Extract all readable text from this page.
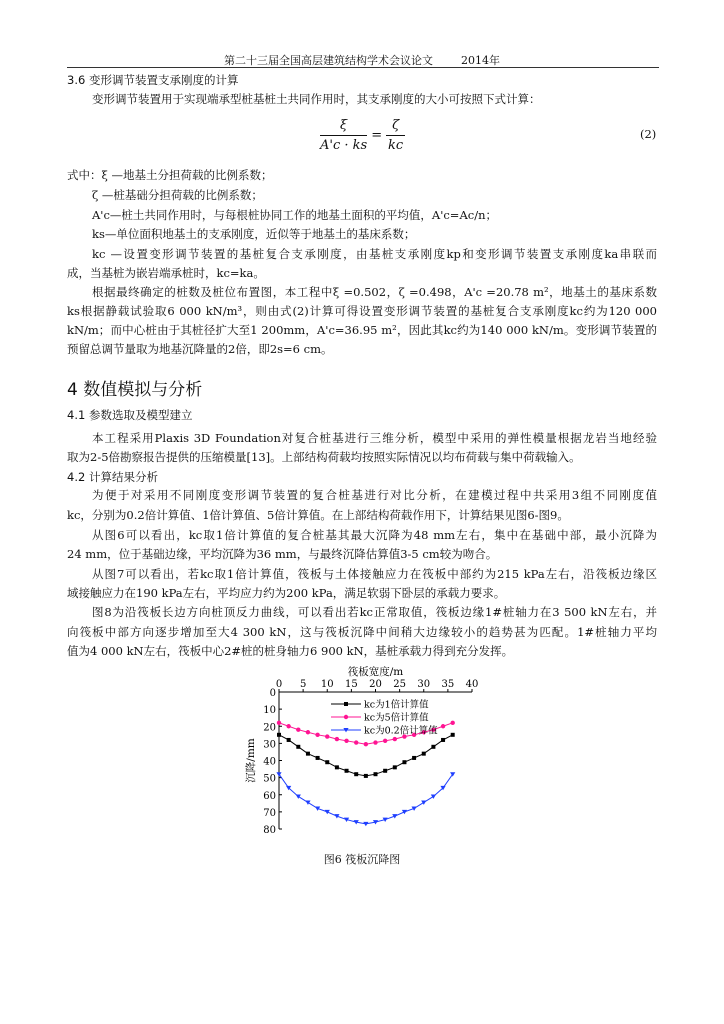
第二十三届全国高层建筑结构学术会议论文	2014年
3.6 变形调节装置支承刚度的计算
变形调节装置用于实现端承型桩基桩土共同作用时，其支承刚度的大小可按照下式计算：
$\frac{\xi}{A'c \cdot ks} = \frac{\zeta}{kc}$	(2)
式中：ξ —地基土分担荷载的比例系数；
ζ —桩基础分担荷载的比例系数；
A'c—桩土共同作用时，与每根桩协同工作的地基土面积的平均值，A'c=Ac/n；
ks—单位面积地基土的支承刚度，近似等于地基土的基床系数；
kc —设置变形调节装置的基桩复合支承刚度，由基桩支承刚度kp和变形调节装置支承刚度ka串联而
成，当基桩为嵌岩端承桩时，kc=ka。
根据最终确定的桩数及桩位布置图，本工程中ξ =0.502，ζ =0.498，A'c =20.78 m²，地基土的基床系数
ks根据静载试验取6 000 kN/m³，则由式(2)计算可得设置变形调节装置的基桩复合支承刚度kc约为120 000
kN/m；而中心桩由于其桩径扩大至1 200mm，A'c=36.95 m²，因此其kc约为140 000 kN/m。变形调节装置的
预留总调节量取为地基沉降量的2倍，即2s=6 cm。
4 数值模拟与分析
4.1 参数选取及模型建立
本工程采用Plaxis 3D Foundation对复合桩基进行三维分析，模型中采用的弹性模量根据龙岩当地经验
取为2-5倍勘察报告提供的压缩模量[13]。上部结构荷载均按照实际情况以均布荷载与集中荷载输入。
4.2 计算结果分析
为便于对采用不同刚度变形调节装置的复合桩基进行对比分析，在建模过程中共采用3组不同刚度值
kc，分别为0.2倍计算值、1倍计算值、5倍计算值。在上部结构荷载作用下，计算结果见图6-图9。
从图6可以看出，kc取1倍计算值的复合桩基其最大沉降为48 mm左右，集中在基础中部，最小沉降为
24 mm，位于基础边缘，平均沉降为36 mm，与最终沉降估算值3-5 cm较为吻合。
从图7可以看出，若kc取1倍计算值，筏板与土体接触应力在筏板中部约为215 kPa左右，沿筏板边缘区
域接触应力在190 kPa左右，平均应力约为200 kPa，满足软弱下卧层的承载力要求。
图8为沿筏板长边方向桩顶反力曲线，可以看出若kc正常取值，筏板边缘1#桩轴力在3 500 kN左右，并
向筏板中部方向逐步增加至大4 300 kN，这与筏板沉降中间稍大边缘较小的趋势甚为匹配。1#桩轴力平均
值为4 000 kN左右，筏板中心2#桩的桩身轴力6 900 kN，基桩承载力得到充分发挥。
筏板宽度/m
0 5 10 15 20 25 30 35 40
0
10
20
30
40
50
60
70
80
沉降/mm
kc为1倍计算值
kc为5倍计算值
kc为0.2倍计算值
图6 筏板沉降图
